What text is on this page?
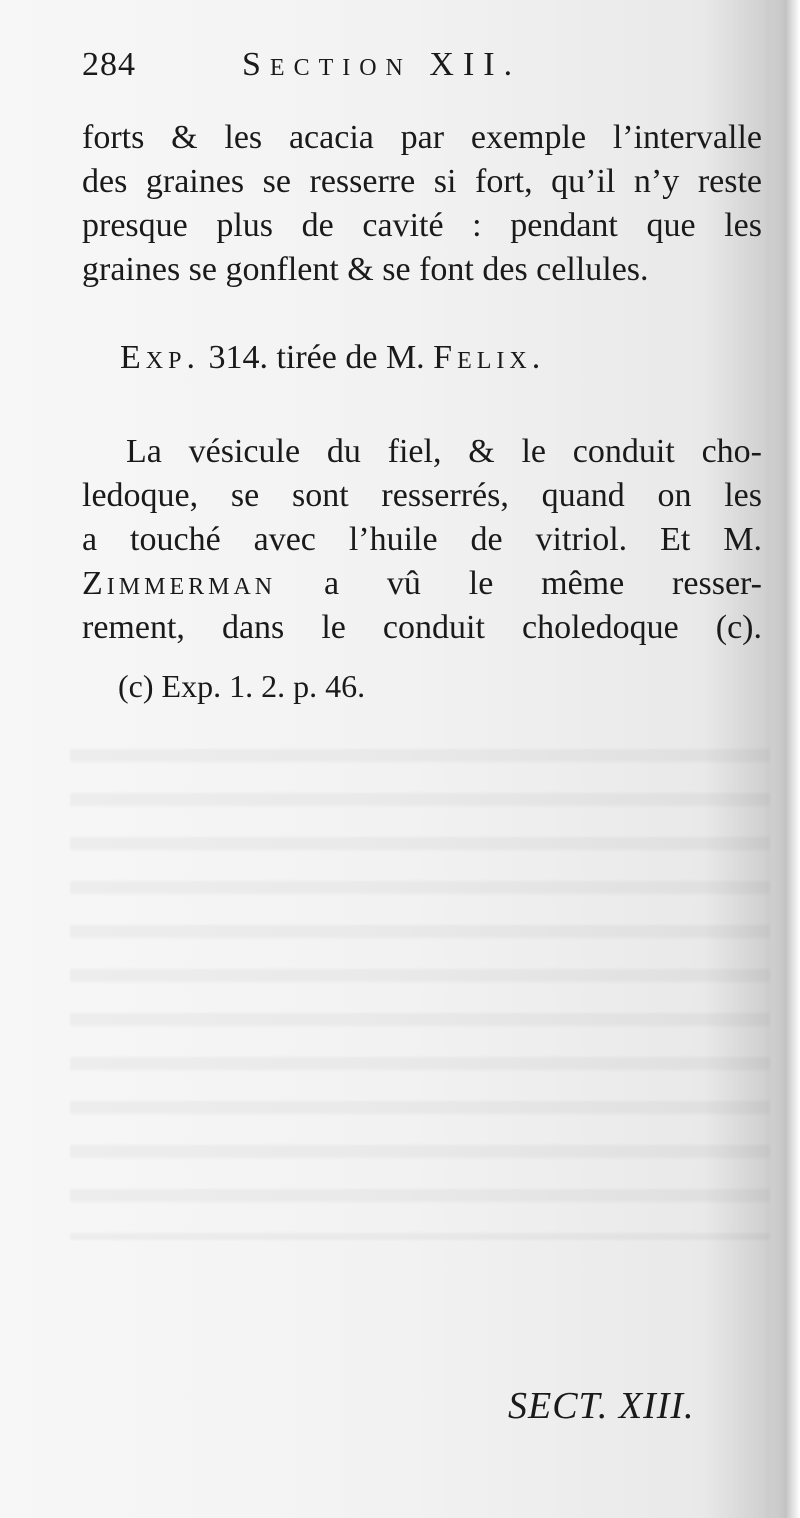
284	Section XII.
forts & les acacia par exemple l’intervalle
des graines se resserre si fort, qu’il n’y reste
presque plus de cavité : pendant que les
graines se gonflent & se font des cellules.
Exp. 314. tirée de M. Felix.
La vésicule du fiel, & le conduit cho-
ledoque, se sont resserrés, quand on les
a touché avec l’huile de vitriol. Et M.
Zimmerman a vû le même resser-
rement, dans le conduit choledoque (c).
(c) Exp. 1. 2. p. 46.
SECT. XIII.
